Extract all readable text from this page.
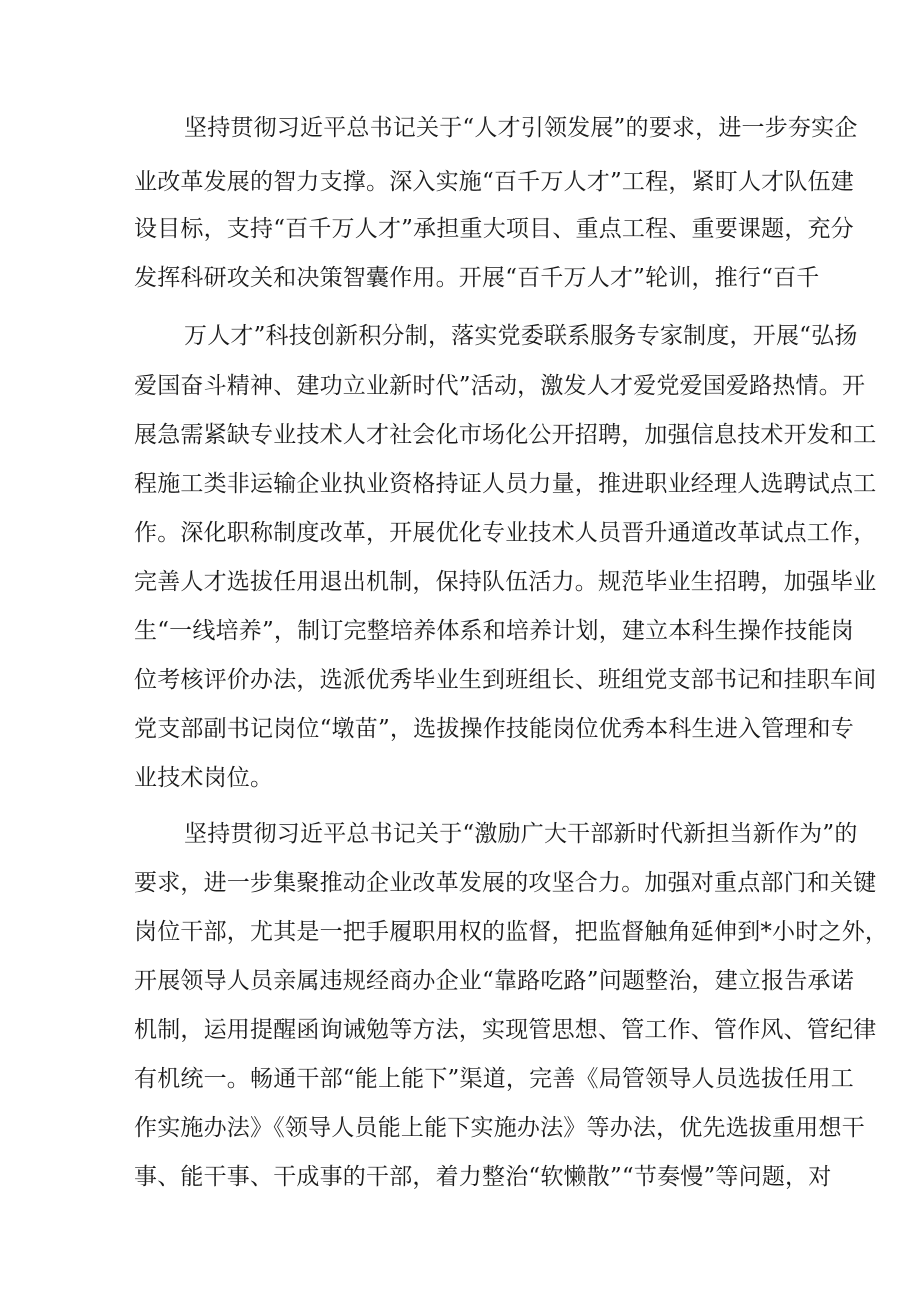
坚持贯彻习近平总书记关于“人才引领发展”的要求，进一步夯实企
业改革发展的智力支撑。深入实施“百千万人才”工程，紧盯人才队伍建
设目标，支持“百千万人才”承担重大项目、重点工程、重要课题，充分
发挥科研攻关和决策智囊作用。开展“百千万人才”轮训，推行“百千
万人才”科技创新积分制，落实党委联系服务专家制度，开展“弘扬
爱国奋斗精神、建功立业新时代”活动，激发人才爱党爱国爱路热情。开
展急需紧缺专业技术人才社会化市场化公开招聘，加强信息技术开发和工
程施工类非运输企业执业资格持证人员力量，推进职业经理人选聘试点工
作。深化职称制度改革，开展优化专业技术人员晋升通道改革试点工作，
完善人才选拔任用退出机制，保持队伍活力。规范毕业生招聘，加强毕业
生“一线培养”，制订完整培养体系和培养计划，建立本科生操作技能岗
位考核评价办法，选派优秀毕业生到班组长、班组党支部书记和挂职车间
党支部副书记岗位“墩苗”，选拔操作技能岗位优秀本科生进入管理和专
业技术岗位。
坚持贯彻习近平总书记关于“激励广大干部新时代新担当新作为”的
要求，进一步集聚推动企业改革发展的攻坚合力。加强对重点部门和关键
岗位干部，尤其是一把手履职用权的监督，把监督触角延伸到*小时之外，
开展领导人员亲属违规经商办企业“靠路吃路”问题整治，建立报告承诺
机制，运用提醒函询诫勉等方法，实现管思想、管工作、管作风、管纪律
有机统一。畅通干部“能上能下”渠道，完善《局管领导人员选拔任用工
作实施办法》《领导人员能上能下实施办法》等办法，优先选拔重用想干
事、能干事、干成事的干部，着力整治“软懒散”“节奏慢”等问题，对
